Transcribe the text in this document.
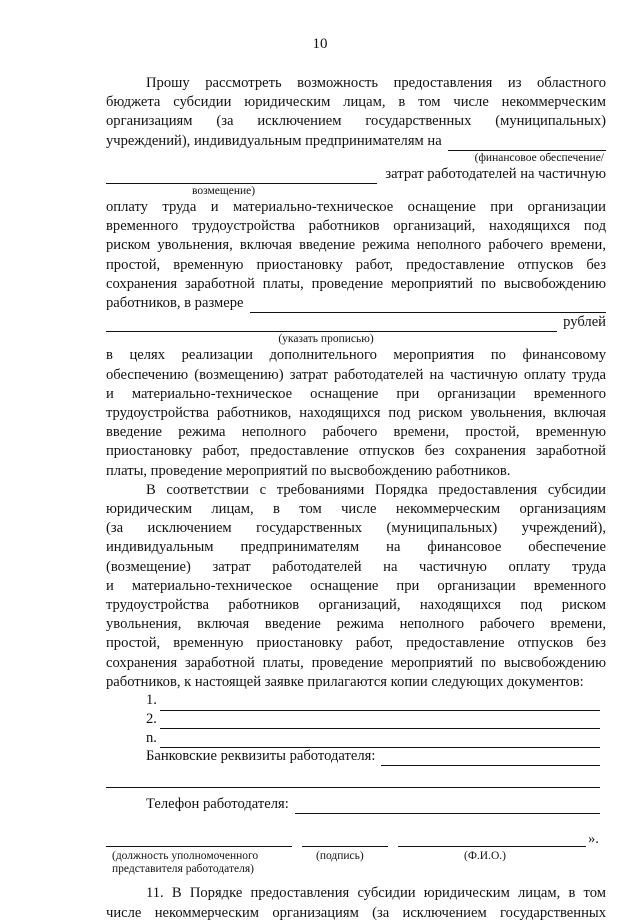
10
Прошу рассмотреть возможность предоставления из областного
бюджета субсидии юридическим лицам, в том числе некоммерческим
организациям (за исключением государственных (муниципальных)
учреждений), индивидуальным предпринимателям на
(финансовое обеспечение/
затрат работодателей на частичную
возмещение)
оплату труда и материально-техническое оснащение при организации
временного трудоустройства работников организаций, находящихся под
риском увольнения, включая введение режима неполного рабочего времени,
простой, временную приостановку работ, предоставление отпусков без
сохранения заработной платы, проведение мероприятий по высвобождению
работников, в размере
рублей
(указать прописью)
в целях реализации дополнительного мероприятия по финансовому
обеспечению (возмещению) затрат работодателей на частичную оплату труда
и материально-техническое оснащение при организации временного
трудоустройства работников, находящихся под риском увольнения, включая
введение режима неполного рабочего времени, простой, временную
приостановку работ, предоставление отпусков без сохранения заработной
платы, проведение мероприятий по высвобождению работников.
В соответствии с требованиями Порядка предоставления субсидии
юридическим лицам, в том числе некоммерческим организациям
(за исключением государственных (муниципальных) учреждений),
индивидуальным предпринимателям на финансовое обеспечение
(возмещение) затрат работодателей на частичную оплату труда
и материально-техническое оснащение при организации временного
трудоустройства работников организаций, находящихся под риском
увольнения, включая введение режима неполного рабочего времени,
простой, временную приостановку работ, предоставление отпусков без
сохранения заработной платы, проведение мероприятий по высвобождению
работников, к настоящей заявке прилагаются копии следующих документов:
1.
2.
n.
Банковские реквизиты работодателя:
Телефон работодателя:
».
(должность уполномоченного
представителя работодателя)
(подпись)	(Ф.И.О.)
11. В Порядке предоставления субсидии юридическим лицам, в том
числе некоммерческим организациям (за исключением государственных
